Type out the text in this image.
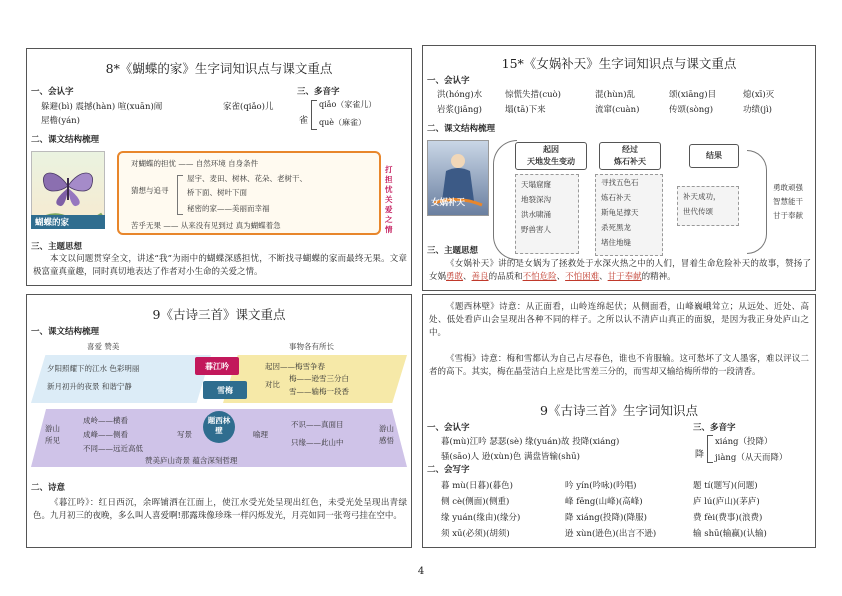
8*《蝴蝶的家》生字词知识点与课文重点
一、会认字
躲避(bì) 震撼(hàn) 喧(xuān)闹	家雀(qiǎo)儿
屋檐(yán)
三、多音字
雀
qiǎo（家雀儿）
què（麻雀）
二、课文结构梳理
蝴蝶的家
对蝴蝶的担忧 —— 自然环境 自身条件
猜想与追寻
屋宇、麦田、树林、花朵、老树干、
桥下面、树叶下面
秘密的家——美丽而幸福
苦乎无果 —— 从来没有见到过 真为蝴蝶着急
打担忧关爱之情
三、主题思想
本文以问题贯穿全文，讲述“我”为雨中的蝴蝶深感担忧，不断找寻蝴蝶的家而最终无果。文章极富童真童趣，同时真切地表达了作者对小生命的关爱之情。
15*《女娲补天》生字词知识点与课文重点
一、会认字
洪(hóng)水	惊慌失措(cuò)	混(hùn)乱	颂(xiāng)目	熄(xī)灭
岩浆(jiāng)	塌(tā)下来	流窜(cuàn)	传颂(sòng)	功绩(jì)
二、课文结构梳理
女娲补天
起因
天地发生变动
经过
炼石补天
结果
天塌窟窿
地裂深沟
洪水啸涌
野兽害人
寻找五色石
炼石补天
斯龟足撑天
杀死黑龙
堵住地缝
补天成功，
世代传颂
勇敢顽强
智慧能干
甘于奉献
三、主题思想
《女娲补天》讲的是女娲为了拯救处于水深火热之中的人们，冒着生命危险补天的故事，赞扬了女娲勇敢、善良的品质和不怕危险、不怕困难、甘于奉献的精神。
9《古诗三首》课文重点
一、课文结构梳理
喜爱 赞美	事物各有所长
夕阳照耀下的江水 色彩明丽
新月初升的夜景 和谐宁静
起因——梅雪争春
对比
梅——逊雪三分白
雪——输梅一段香
暮江吟
雪梅
游山
所见
成岭——横看
成峰——侧看
不同——远近高低
写景
题西林壁	喻理
不识——真面目
只缘——此山中
游山
感悟
赞美庐山奇景 蕴含深刻哲理
二、诗意
《暮江吟》：红日西沉，余晖铺洒在江面上，使江水受光处呈现出红色，未受光处呈现出青绿色。九月初三的夜晚，多么叫人喜爱啊!那露珠像珍珠一样闪烁发光，月亮如同一张弯弓挂在空中。
《题西林壁》诗意：从正面看，山岭连绵起伏；从侧面看，山峰巍峨耸立；从远处、近处、高处、低处看庐山会呈现出各种不同的样子。之所以认不清庐山真正的面貌，是因为我正身处庐山之中。
《雪梅》诗意：梅和雪都认为自己占尽春色，谁也不肯服输。这可愁坏了文人墨客，难以评议二者的高下。其实，梅在晶莹洁白上应是比雪差三分的，而雪却又输给梅所带的一段清香。
9《古诗三首》生字词知识点
一、会认字
暮(mù)江吟 瑟瑟(sè) 缘(yuán)故 投降(xiáng)
骚(sāo)人 逊(xùn)色 满盘皆输(shū)
三、多音字
降
xiáng（投降）
jiàng（从天而降）
二、会写字
暮 mù(日暮)(暮色)	吟 yín(吟咏)(吟唱)	题 tí(题写)(问题)
侧 cè(侧面)(侧重)	峰 fēng(山峰)(高峰)	庐 lú(庐山)(茅庐)
缘 yuán(缘由)(缘分)	降 xiáng(投降)(降服)	费 fèi(费事)(浪费)
须 xū(必须)(胡须)	逊 xùn(逊色)(出言不逊)	输 shū(输赢)(认输)
4
